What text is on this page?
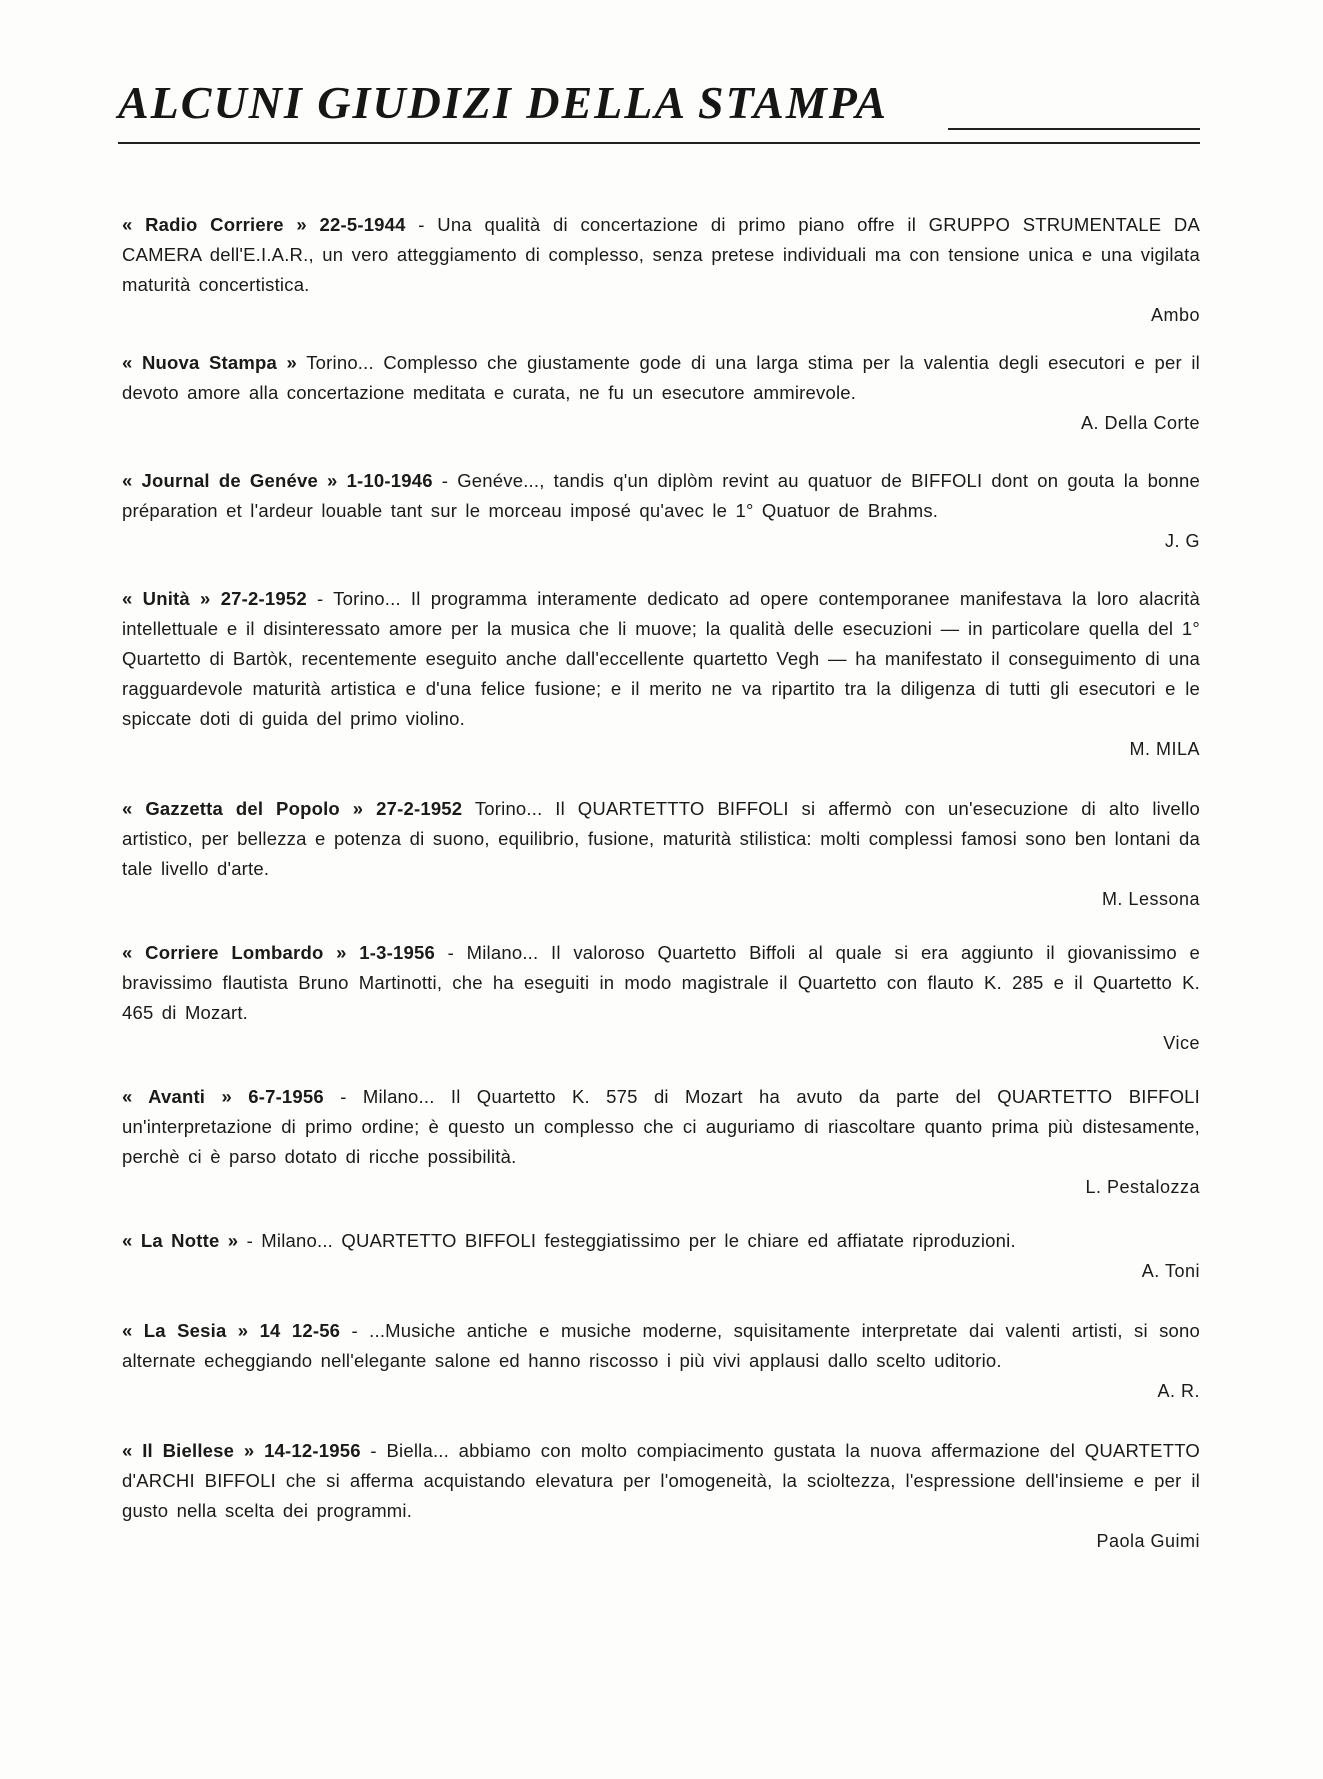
ALCUNI GIUDIZI DELLA STAMPA

« Radio Corriere » 22-5-1944 - Una qualità di concertazione di primo piano offre il GRUPPO STRUMENTALE DA CAMERA dell'E.I.A.R., un vero atteggiamento di complesso, senza pretese individuali ma con tensione unica e una vigilata maturità concertistica.

Ambo

« Nuova Stampa » Torino... Complesso che giustamente gode di una larga stima per la valentia degli esecutori e per il devoto amore alla concertazione meditata e curata, ne fu un esecutore ammirevole.

A. Della Corte

« Journal de Genéve » 1-10-1946 - Genéve..., tandis q'un diplòm revint au quatuor de BIFFOLI dont on gouta la bonne préparation et l'ardeur louable tant sur le morceau imposé qu'avec le 1° Quatuor de Brahms.

J. G

« Unità » 27-2-1952 - Torino... Il programma interamente dedicato ad opere contemporanee manifestava la loro alacrità intellettuale e il disinteressato amore per la musica che li muove; la qualità delle esecuzioni — in particolare quella del 1° Quartetto di Bartòk, recentemente eseguito anche dall'eccellente quartetto Vegh — ha manifestato il conseguimento di una ragguardevole maturità artistica e d'una felice fusione; e il merito ne va ripartito tra la diligenza di tutti gli esecutori e le spiccate doti di guida del primo violino.

M. MILA

« Gazzetta del Popolo » 27-2-1952 Torino... Il QUARTETTTO BIFFOLI si affermò con un'esecuzione di alto livello artistico, per bellezza e potenza di suono, equilibrio, fusione, maturità stilistica: molti complessi famosi sono ben lontani da tale livello d'arte.

M. Lessona

« Corriere Lombardo » 1-3-1956 - Milano... Il valoroso Quartetto Biffoli al quale si era aggiunto il giovanissimo e bravissimo flautista Bruno Martinotti, che ha eseguiti in modo magistrale il Quartetto con flauto K. 285 e il Quartetto K. 465 di Mozart.

Vice

« Avanti » 6-7-1956 - Milano... Il Quartetto K. 575 di Mozart ha avuto da parte del QUARTETTO BIFFOLI un'interpretazione di primo ordine; è questo un complesso che ci auguriamo di riascoltare quanto prima più distesamente, perchè ci è parso dotato di ricche possibilità.

L. Pestalozza

« La Notte » - Milano... QUARTETTO BIFFOLI festeggiatissimo per le chiare ed affiatate riproduzioni.

A. Toni

« La Sesia » 14 12-56 - ...Musiche antiche e musiche moderne, squisitamente interpretate dai valenti artisti, si sono alternate echeggiando nell'elegante salone ed hanno riscosso i più vivi applausi dallo scelto uditorio.

A. R.

« Il Biellese » 14-12-1956 - Biella... abbiamo con molto compiacimento gustata la nuova affermazione del QUARTETTO d'ARCHI BIFFOLI che si afferma acquistando elevatura per l'omogeneità, la scioltezza, l'espressione dell'insieme e per il gusto nella scelta dei programmi.

Paola Guimi
